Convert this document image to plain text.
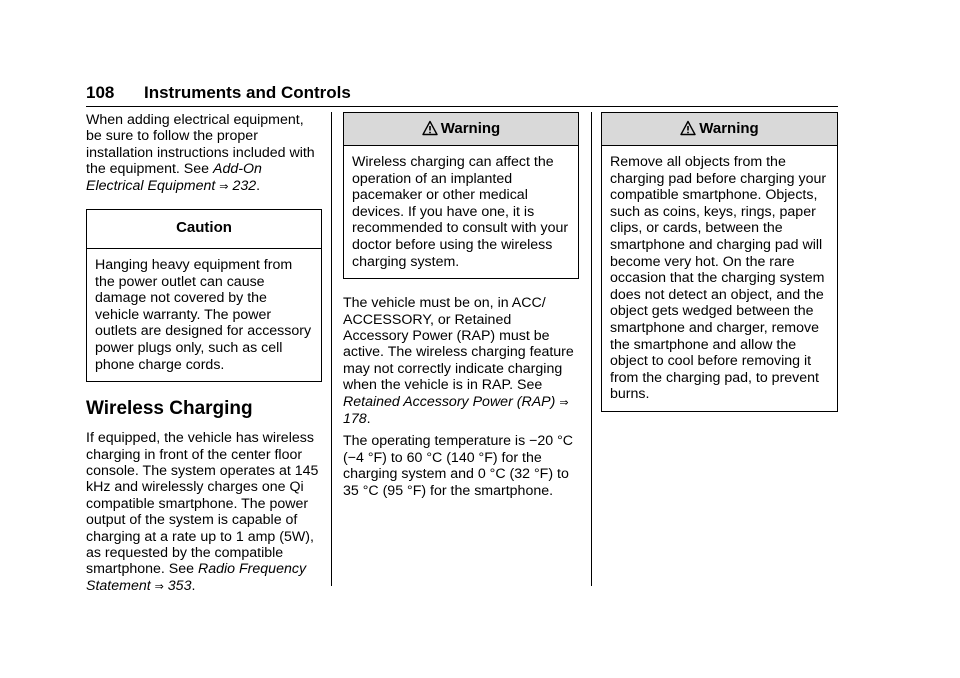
108 Instruments and Controls

When adding electrical equipment, be sure to follow the proper installation instructions included with the equipment. See Add-On Electrical Equipment ⇒ 232.

Caution

Hanging heavy equipment from the power outlet can cause damage not covered by the vehicle warranty. The power outlets are designed for accessory power plugs only, such as cell phone charge cords.

Wireless Charging

If equipped, the vehicle has wireless charging in front of the center floor console. The system operates at 145 kHz and wirelessly charges one Qi compatible smartphone. The power output of the system is capable of charging at a rate up to 1 amp (5W), as requested by the compatible smartphone. See Radio Frequency Statement ⇒ 353.

Warning

Wireless charging can affect the operation of an implanted pacemaker or other medical devices. If you have one, it is recommended to consult with your doctor before using the wireless charging system.

The vehicle must be on, in ACC/ ACCESSORY, or Retained Accessory Power (RAP) must be active. The wireless charging feature may not correctly indicate charging when the vehicle is in RAP. See Retained Accessory Power (RAP) ⇒ 178.

The operating temperature is −20 °C (−4 °F) to 60 °C (140 °F) for the charging system and 0 °C (32 °F) to 35 °C (95 °F) for the smartphone.

Warning

Remove all objects from the charging pad before charging your compatible smartphone. Objects, such as coins, keys, rings, paper clips, or cards, between the smartphone and charging pad will become very hot. On the rare occasion that the charging system does not detect an object, and the object gets wedged between the smartphone and charger, remove the smartphone and allow the object to cool before removing it from the charging pad, to prevent burns.
